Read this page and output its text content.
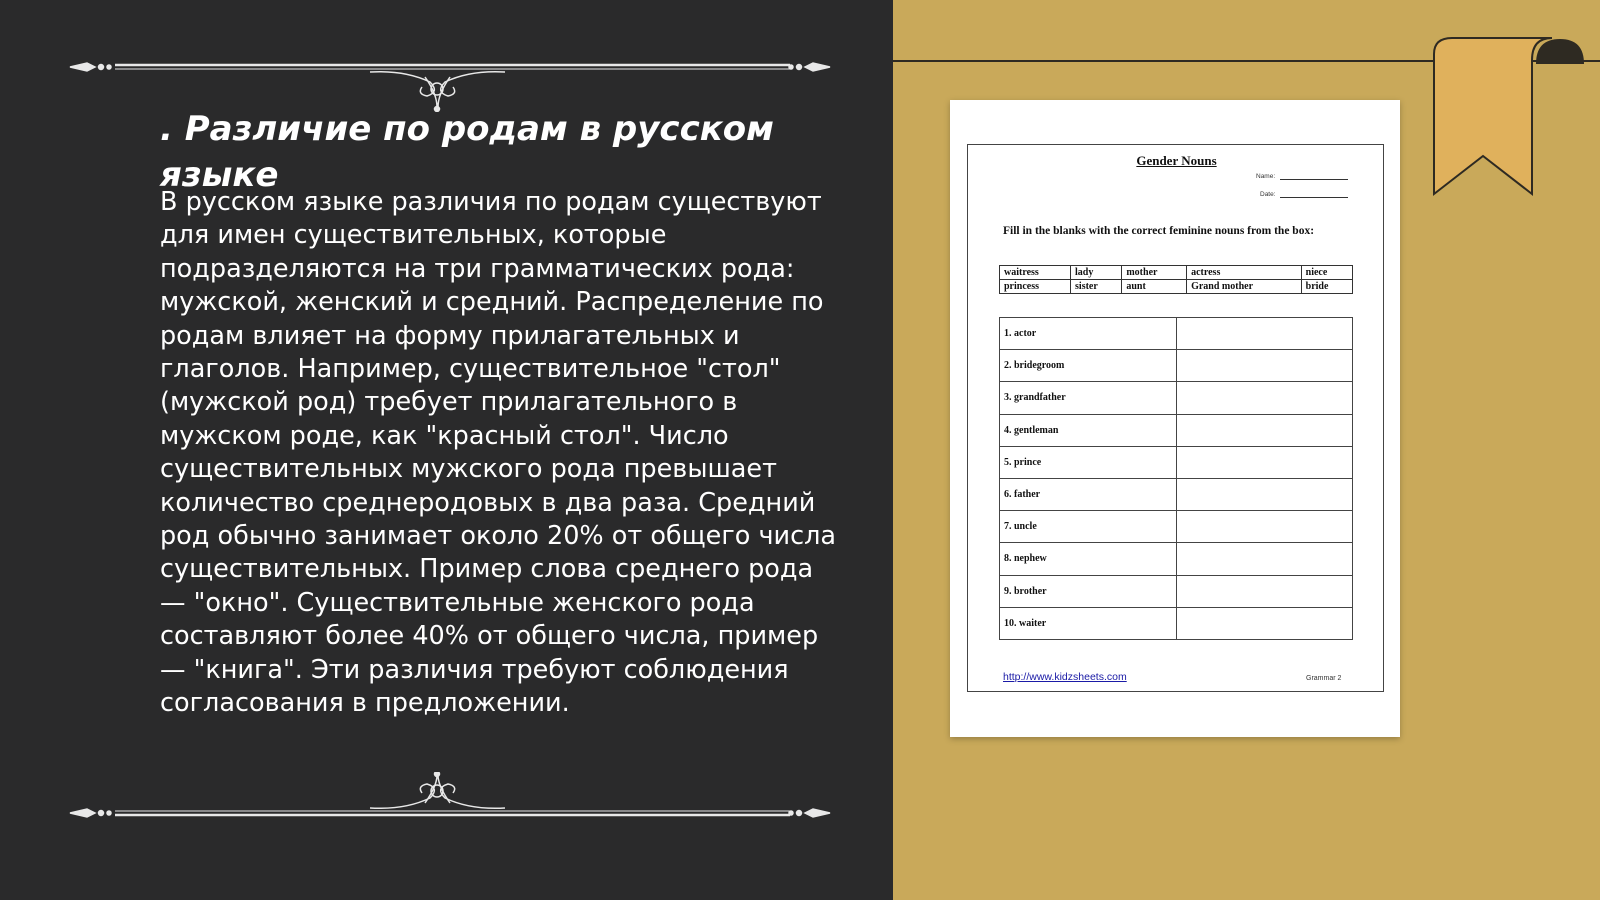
. Различие по родам в русском языке
В русском языке различия по родам существуют для имен существительных, которые подразделяются на три грамматических рода: мужской, женский и средний. Распределение по родам влияет на форму прилагательных и глаголов. Например, существительное "стол" (мужской род) требует прилагательного в мужском роде, как "красный стол". Число существительных мужского рода превышает количество среднеродовых в два раза. Средний род обычно занимает около 20% от общего числа существительных. Пример слова среднего рода — "окно". Существительные женского рода составляют более 40% от общего числа, пример — "книга". Эти различия требуют соблюдения согласования в предложении.
Gender Nouns
Name:
Date:
Fill in the blanks with the correct feminine nouns from the box:
waitress	lady	mother	actress	niece
princess	sister	aunt	Grand mother	bride
1. actor	
2. bridegroom	
3. grandfather	
4. gentleman	
5. prince	
6. father	
7. uncle	
8. nephew	
9. brother	
10. waiter	
http://www.kidzsheets.com	Grammar 2
